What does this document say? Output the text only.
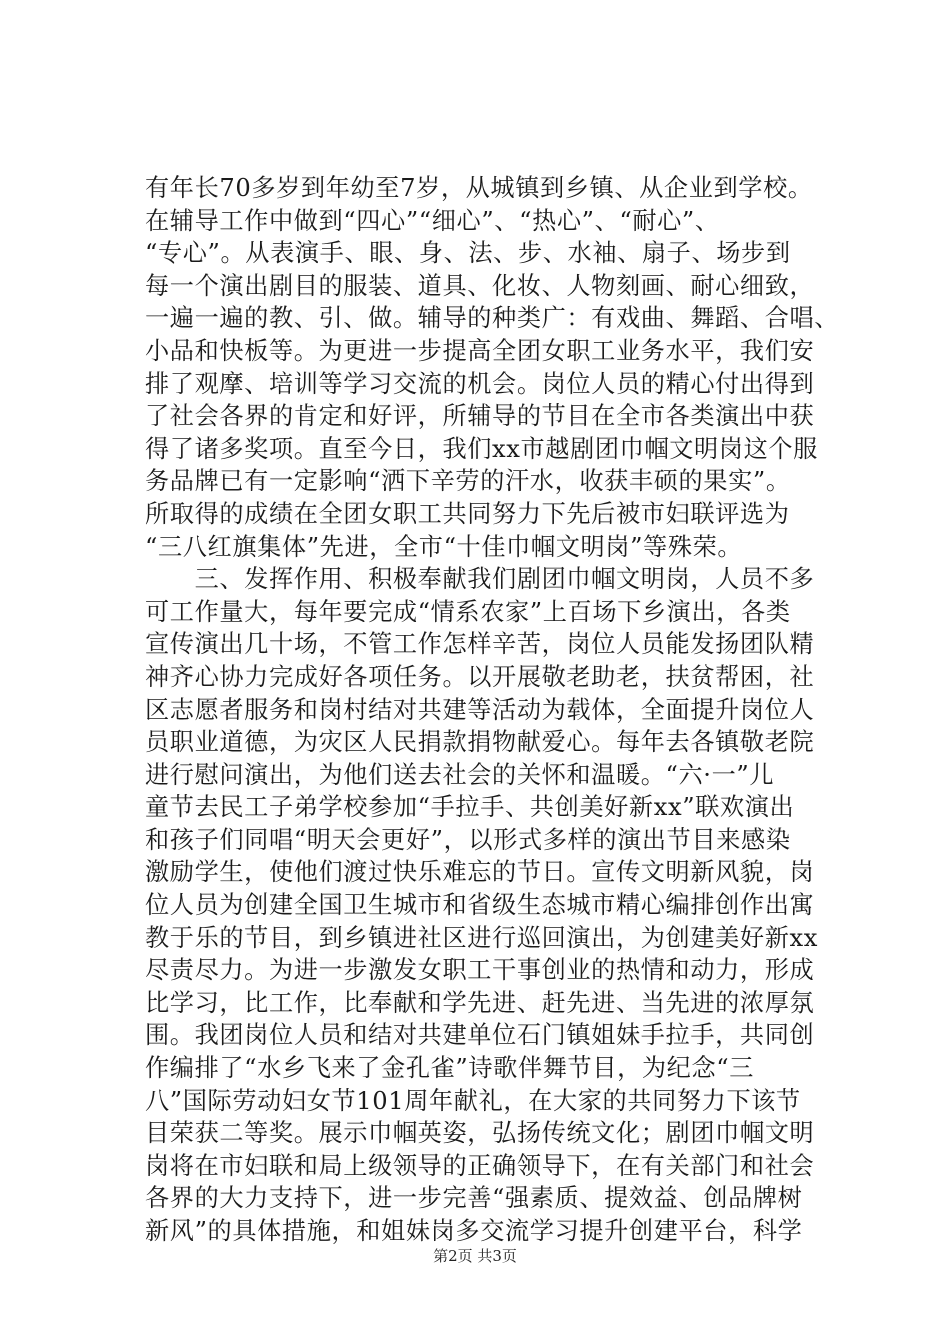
有年长70多岁到年幼至7岁，从城镇到乡镇、从企业到学校。
在辅导工作中做到“四心”“细心”、“热心”、“耐心”、
“专心”。从表演手、眼、身、法、步、水袖、扇子、场步到
每一个演出剧目的服装、道具、化妆、人物刻画、耐心细致，
一遍一遍的教、引、做。辅导的种类广：有戏曲、舞蹈、合唱、
小品和快板等。为更进一步提高全团女职工业务水平，我们安
排了观摩、培训等学习交流的机会。岗位人员的精心付出得到
了社会各界的肯定和好评，所辅导的节目在全市各类演出中获
得了诸多奖项。直至今日，我们xx市越剧团巾帼文明岗这个服
务品牌已有一定影响“洒下辛劳的汗水，收获丰硕的果实”。
所取得的成绩在全团女职工共同努力下先后被市妇联评选为
“三八红旗集体”先进，全市“十佳巾帼文明岗”等殊荣。
　　三、发挥作用、积极奉献我们剧团巾帼文明岗，人员不多
可工作量大，每年要完成“情系农家”上百场下乡演出，各类
宣传演出几十场，不管工作怎样辛苦，岗位人员能发扬团队精
神齐心协力完成好各项任务。以开展敬老助老，扶贫帮困，社
区志愿者服务和岗村结对共建等活动为载体，全面提升岗位人
员职业道德，为灾区人民捐款捐物献爱心。每年去各镇敬老院
进行慰问演出，为他们送去社会的关怀和温暖。“六·一”儿
童节去民工子弟学校参加“手拉手、共创美好新xx”联欢演出
和孩子们同唱“明天会更好”，以形式多样的演出节目来感染
激励学生，使他们渡过快乐难忘的节日。宣传文明新风貌，岗
位人员为创建全国卫生城市和省级生态城市精心编排创作出寓
教于乐的节目，到乡镇进社区进行巡回演出，为创建美好新xx
尽责尽力。为进一步激发女职工干事创业的热情和动力，形成
比学习，比工作，比奉献和学先进、赶先进、当先进的浓厚氛
围。我团岗位人员和结对共建单位石门镇姐妹手拉手，共同创
作编排了“水乡飞来了金孔雀”诗歌伴舞节目，为纪念“三
八”国际劳动妇女节101周年献礼，在大家的共同努力下该节
目荣获二等奖。展示巾帼英姿，弘扬传统文化；剧团巾帼文明
岗将在市妇联和局上级领导的正确领导下，在有关部门和社会
各界的大力支持下，进一步完善“强素质、提效益、创品牌树
新风”的具体措施，和姐妹岗多交流学习提升创建平台，科学
第2页 共3页
